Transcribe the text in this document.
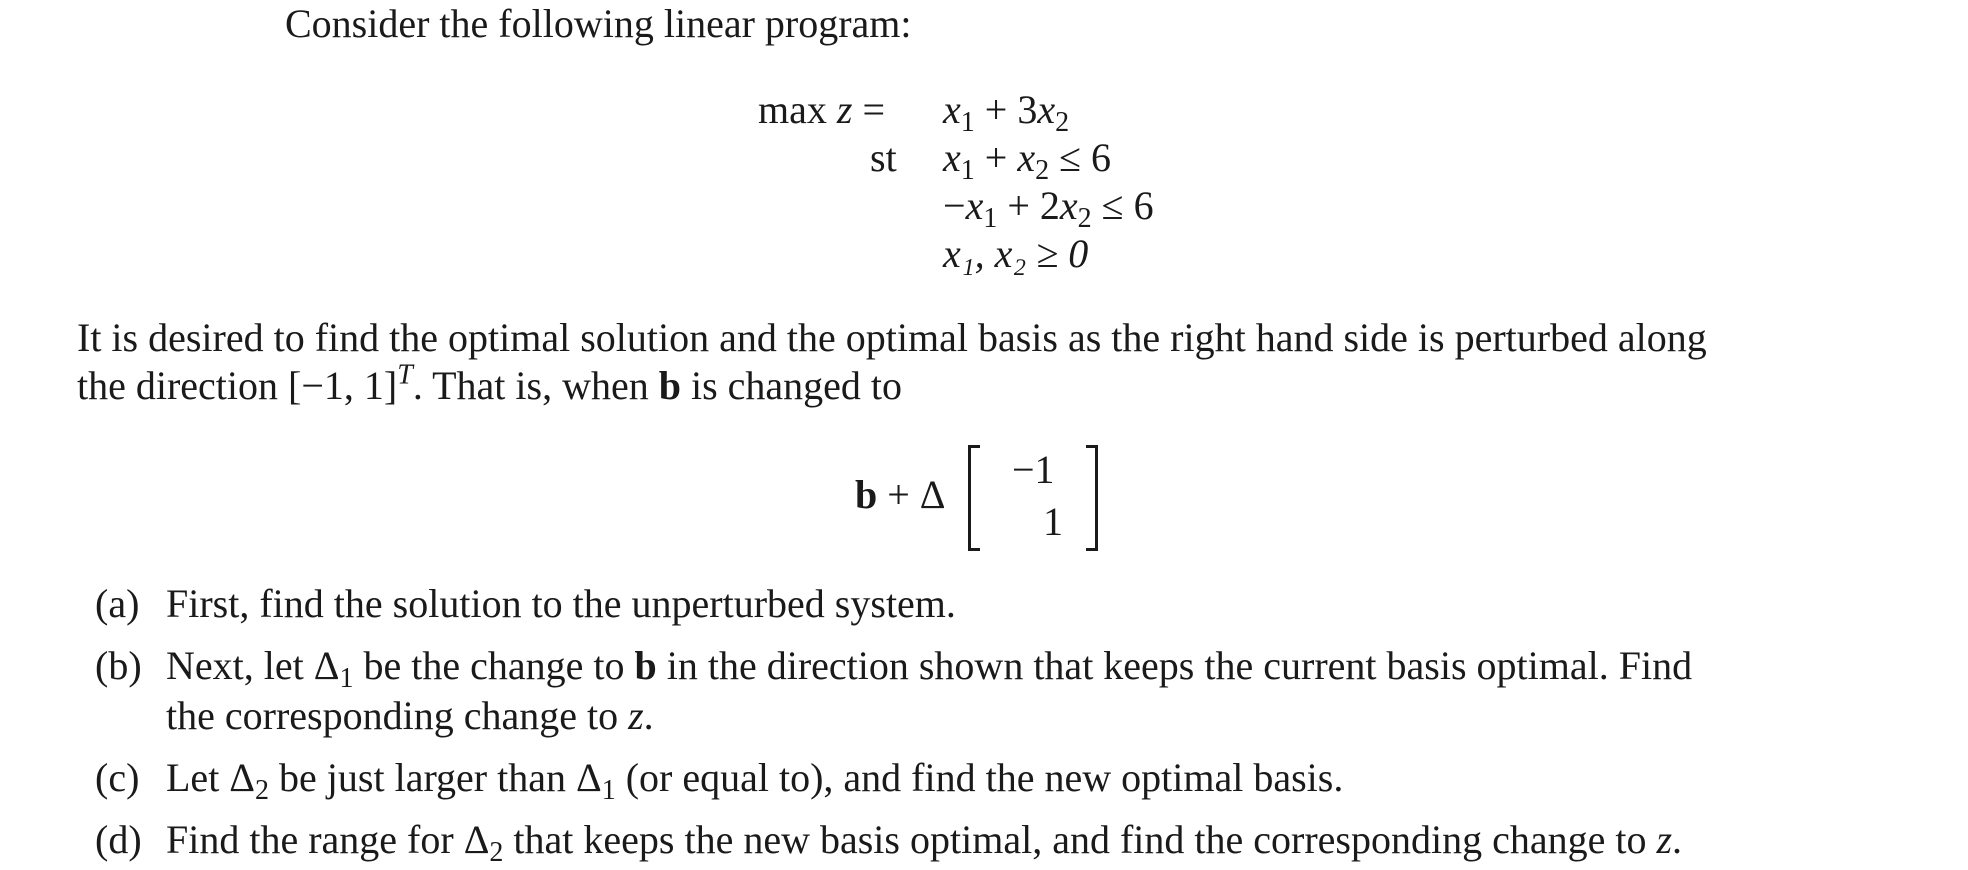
Consider the following linear program:
$\max z = x_1 + 3x_2$
st $x_1 + x_2 \le 6$
$-x_1 + 2x_2 \le 6$
x₁, x₂ ≥ 0
It is desired to find the optimal solution and the optimal basis as the right hand side is perturbed along
the direction [−1, 1]$^T$. That is, when b is changed to
b + Δ
−1
1
(a) First, find the solution to the unperturbed system.
(b) Next, let $\Delta_1$ be the change to b in the direction shown that keeps the current basis optimal. Find
the corresponding change to z.
(c) Let $\Delta_2$ be just larger than $\Delta_1$ (or equal to), and find the new optimal basis.
(d) Find the range for $\Delta_2$ that keeps the new basis optimal, and find the corresponding change to z.
